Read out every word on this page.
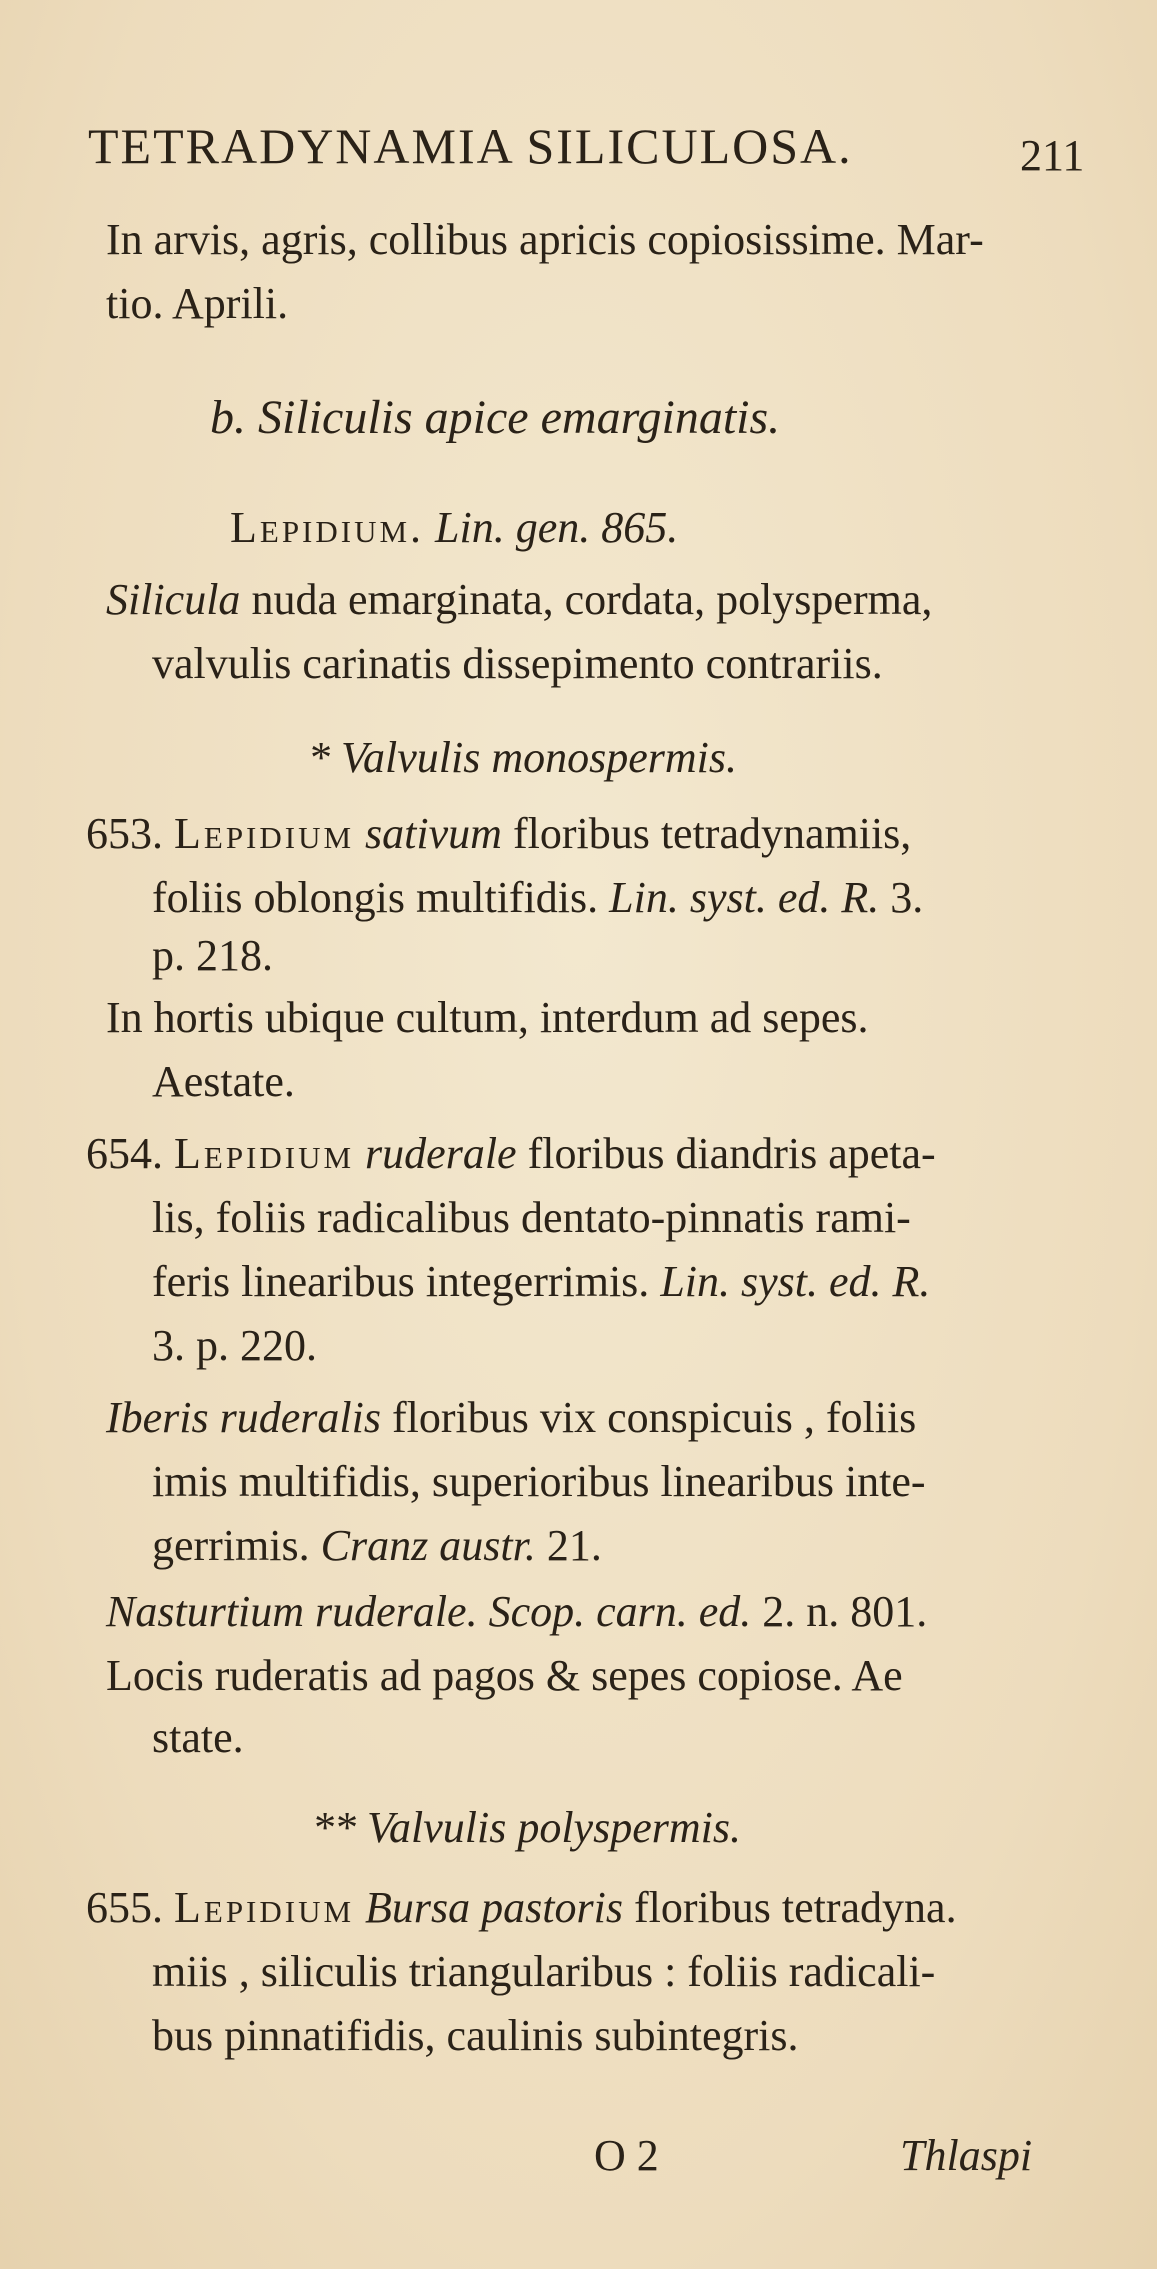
TETRADYNAMIA SILICULOSA.	211
In arvis, agris, collibus apricis copiosissime. Mar-
tio. Aprili.
b. Siliculis apice emarginatis.
Lepidium. Lin. gen. 865.
Silicula nuda emarginata, cordata, polysperma,
valvulis carinatis dissepimento contrariis.
* Valvulis monospermis.
653. Lepidium sativum floribus tetradynamiis,
foliis oblongis multifidis. Lin. syst. ed. R. 3.
p. 218.
In hortis ubique cultum, interdum ad sepes.
Aestate.
654. Lepidium ruderale floribus diandris apeta-
lis, foliis radicalibus dentato-pinnatis rami-
feris linearibus integerrimis. Lin. syst. ed. R.
3. p. 220.
Iberis ruderalis floribus vix conspicuis , foliis
imis multifidis, superioribus linearibus inte-
gerrimis. Cranz austr. 21.
Nasturtium ruderale. Scop. carn. ed. 2. n. 801.
Locis ruderatis ad pagos & sepes copiose. Ae
state.
** Valvulis polyspermis.
655. Lepidium Bursa pastoris floribus tetradyna.
miis , siliculis triangularibus : foliis radicali-
bus pinnatifidis, caulinis subintegris.
O 2	Thlaspi
